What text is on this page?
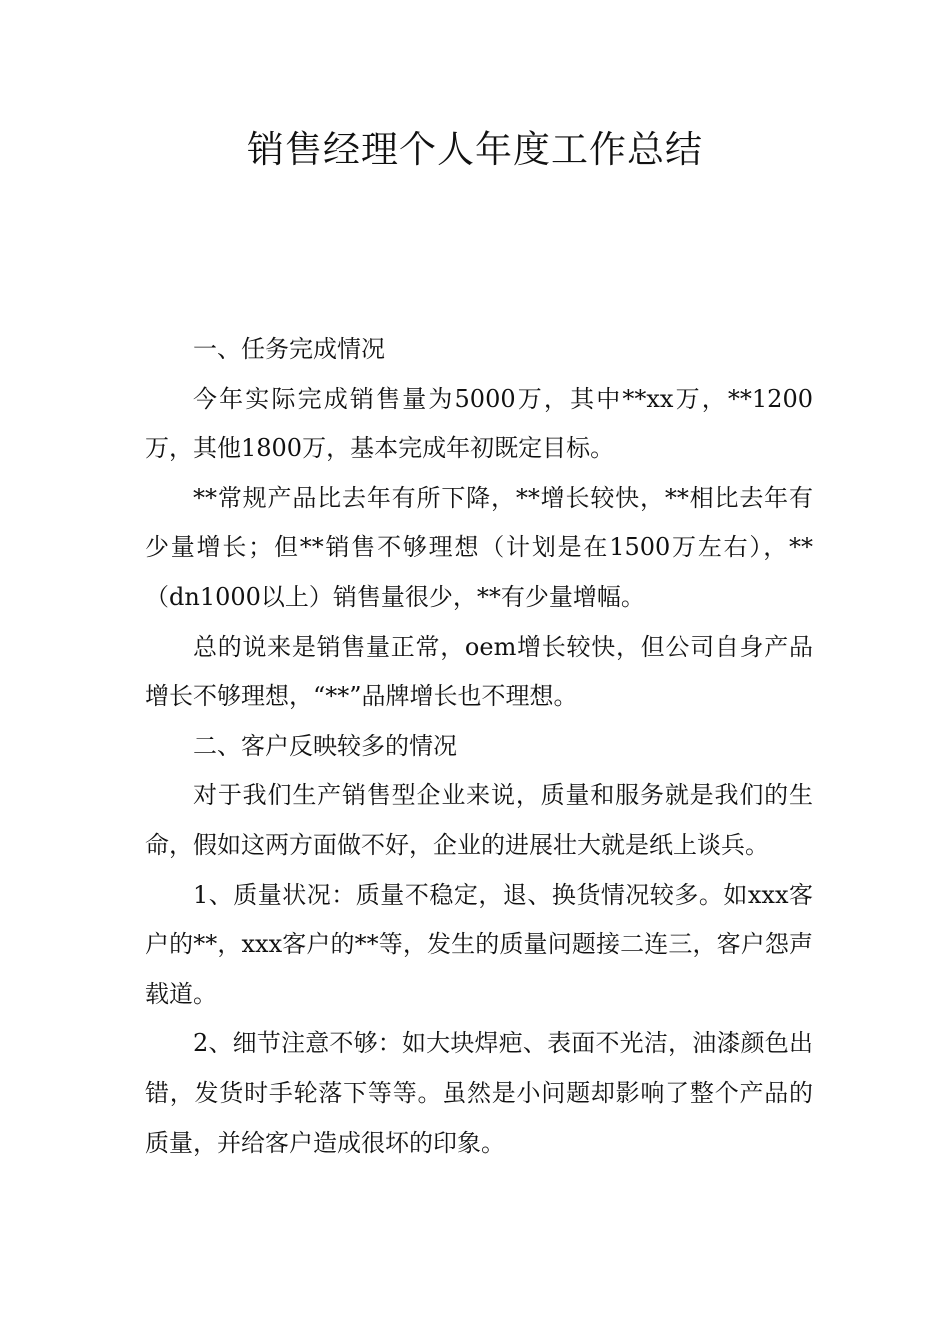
销售经理个人年度工作总结

一、任务完成情况

今年实际完成销售量为5000万，其中**xx万，**1200万，其他1800万，基本完成年初既定目标。

**常规产品比去年有所下降，**增长较快，**相比去年有少量增长；但**销售不够理想（计划是在1500万左右），**（dn1000以上）销售量很少，**有少量增幅。

总的说来是销售量正常，oem增长较快，但公司自身产品增长不够理想，“**”品牌增长也不理想。

二、客户反映较多的情况

对于我们生产销售型企业来说，质量和服务就是我们的生命，假如这两方面做不好，企业的进展壮大就是纸上谈兵。

1、质量状况：质量不稳定，退、换货情况较多。如xxx客户的**，xxx客户的**等，发生的质量问题接二连三，客户怨声载道。

2、细节注意不够：如大块焊疤、表面不光洁，油漆颜色出错，发货时手轮落下等等。虽然是小问题却影响了整个产品的质量，并给客户造成很坏的印象。
